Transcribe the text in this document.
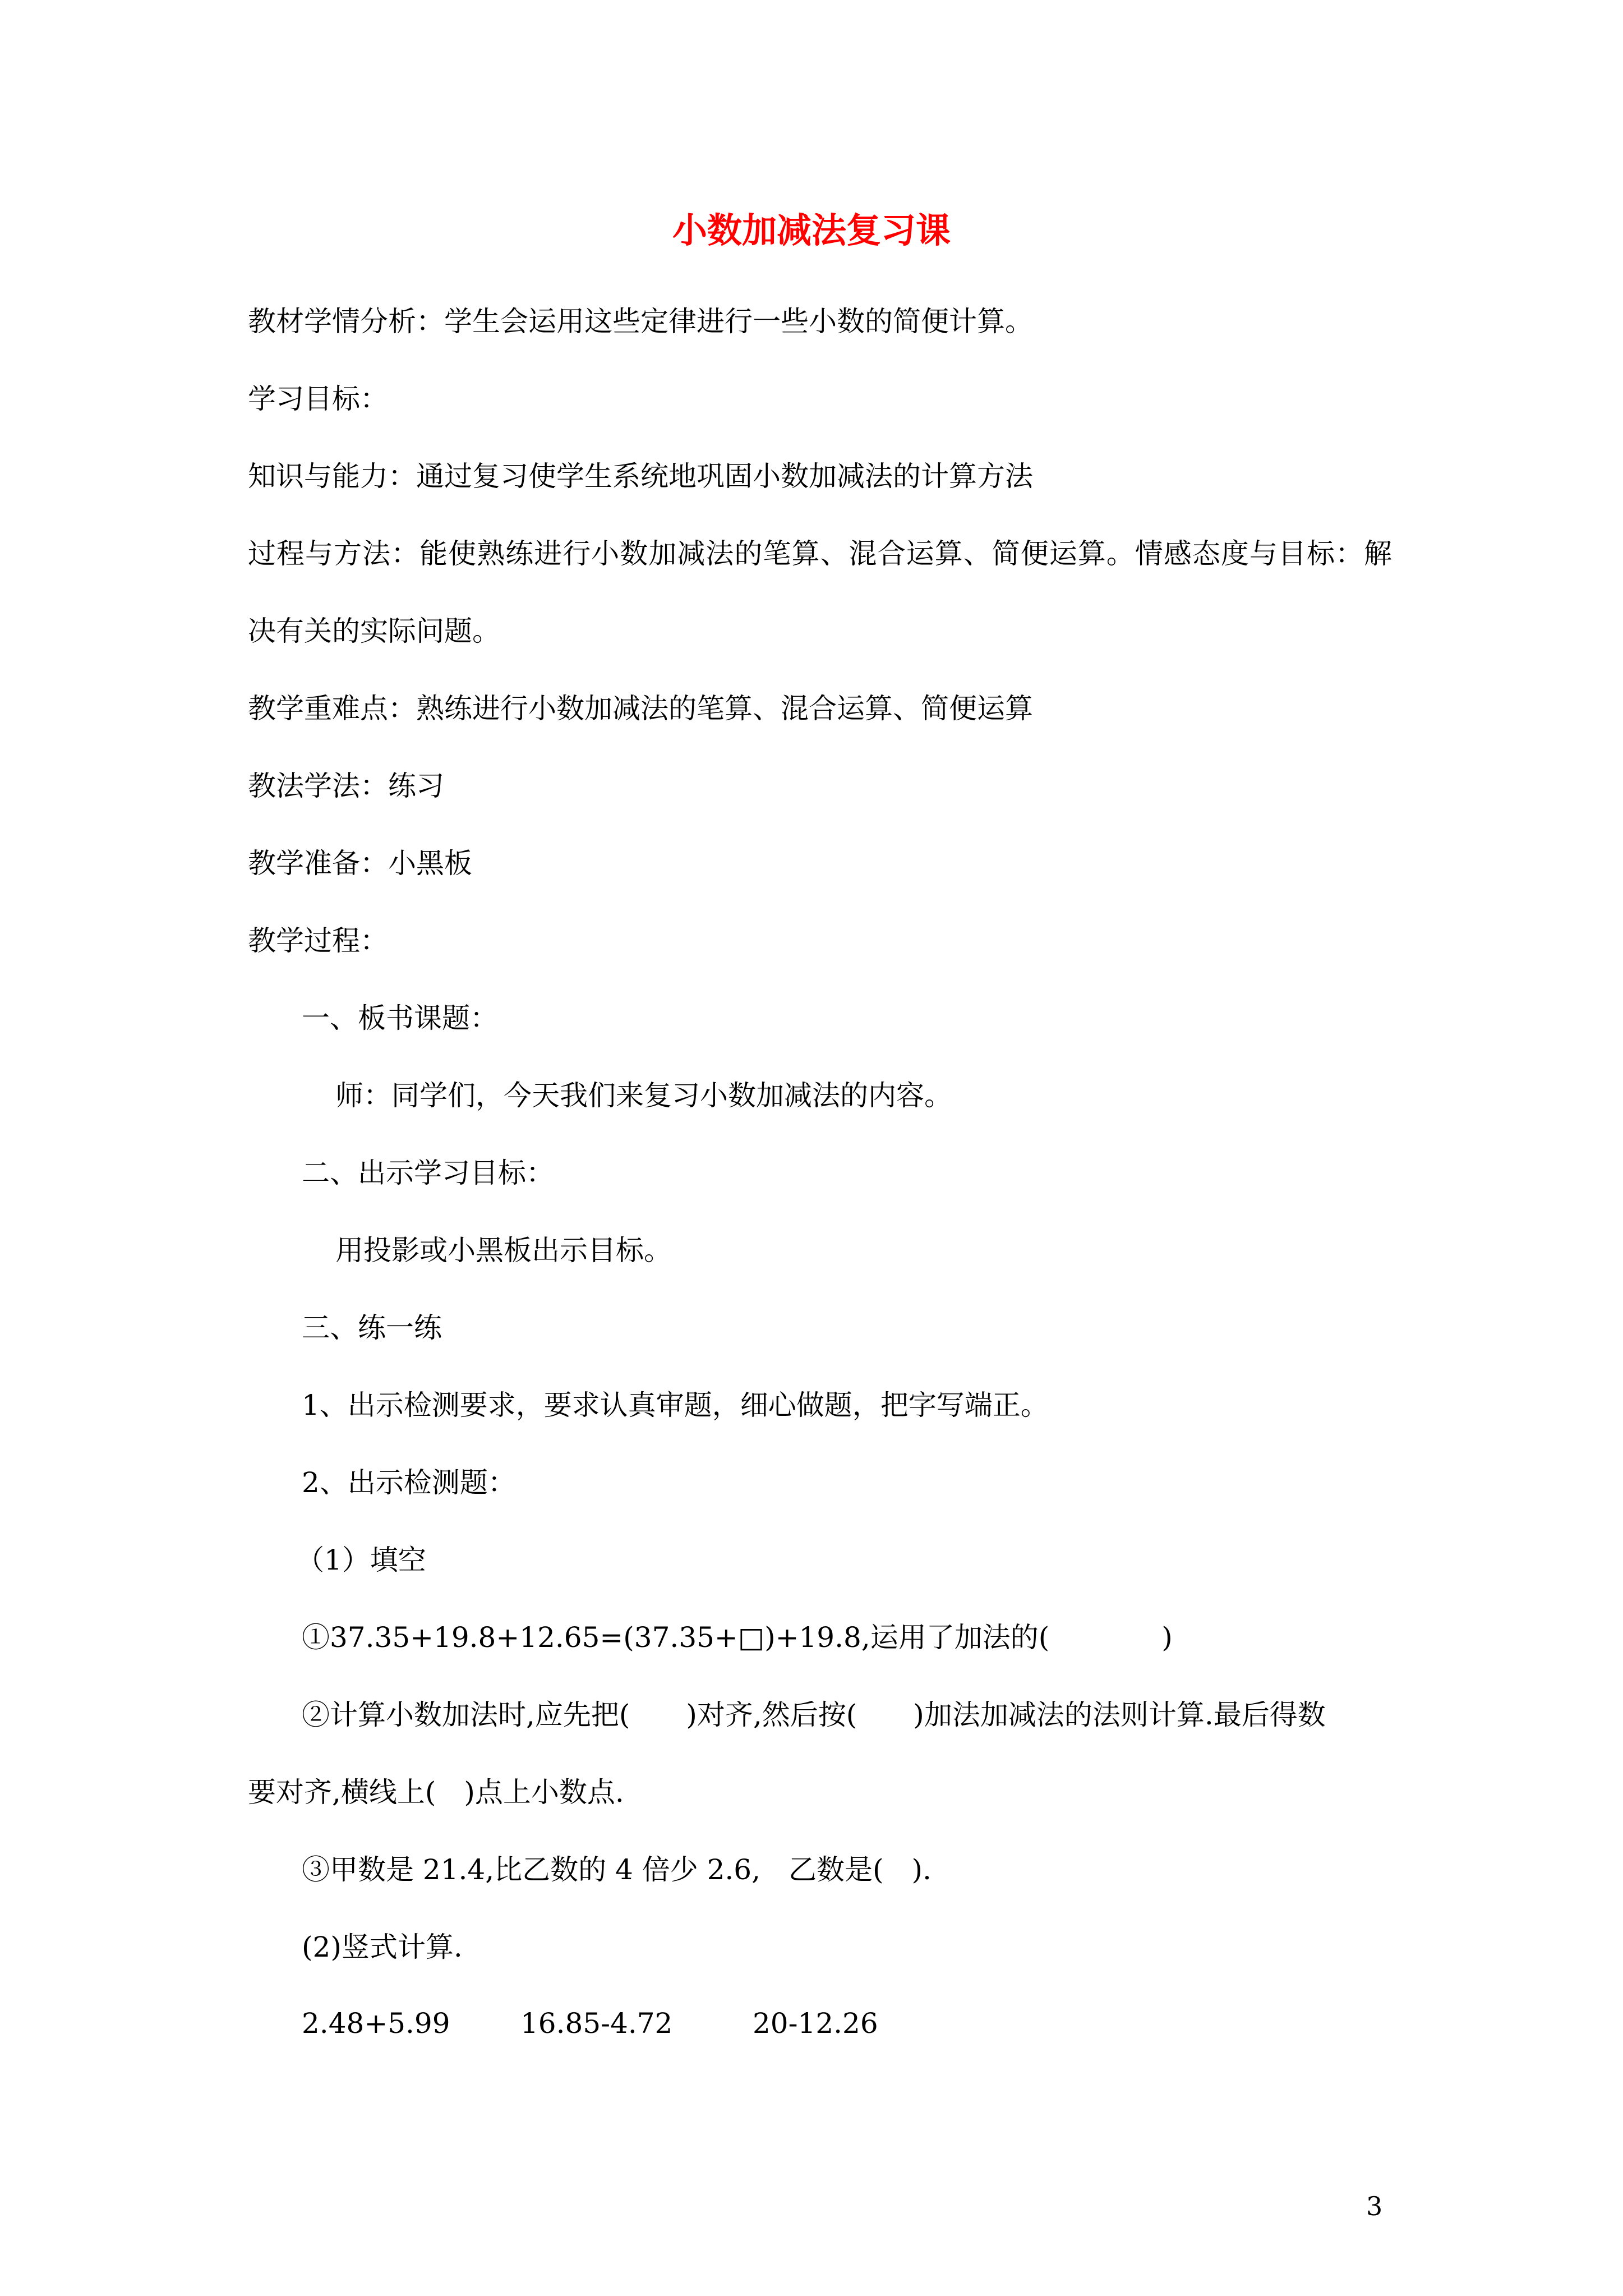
小数加减法复习课
教材学情分析：学生会运用这些定律进行一些小数的简便计算。
学习目标：
知识与能力：通过复习使学生系统地巩固小数加减法的计算方法
过程与方法：能使熟练进行小数加减法的笔算、混合运算、简便运算。情感态度与目标：解
决有关的实际问题。
教学重难点：熟练进行小数加减法的笔算、混合运算、简便运算
教法学法：练习
教学准备：小黑板
教学过程：
一、板书课题：
师：同学们，今天我们来复习小数加减法的内容。
二、出示学习目标：
用投影或小黑板出示目标。
三、练一练
1、出示检测要求，要求认真审题，细心做题，把字写端正。
2、出示检测题：
（1）填空
①37.35+19.8+12.65=(37.35+□)+19.8,运用了加法的(　　　　)
②计算小数加法时,应先把(　　)对齐,然后按(　　)加法加减法的法则计算.最后得数
要对齐,横线上(　)点上小数点.
③甲数是 21.4,比乙数的 4 倍少 2.6,　乙数是(　).
(2)竖式计算.
2.48+5.99	16.85-4.72	20-12.26
3
